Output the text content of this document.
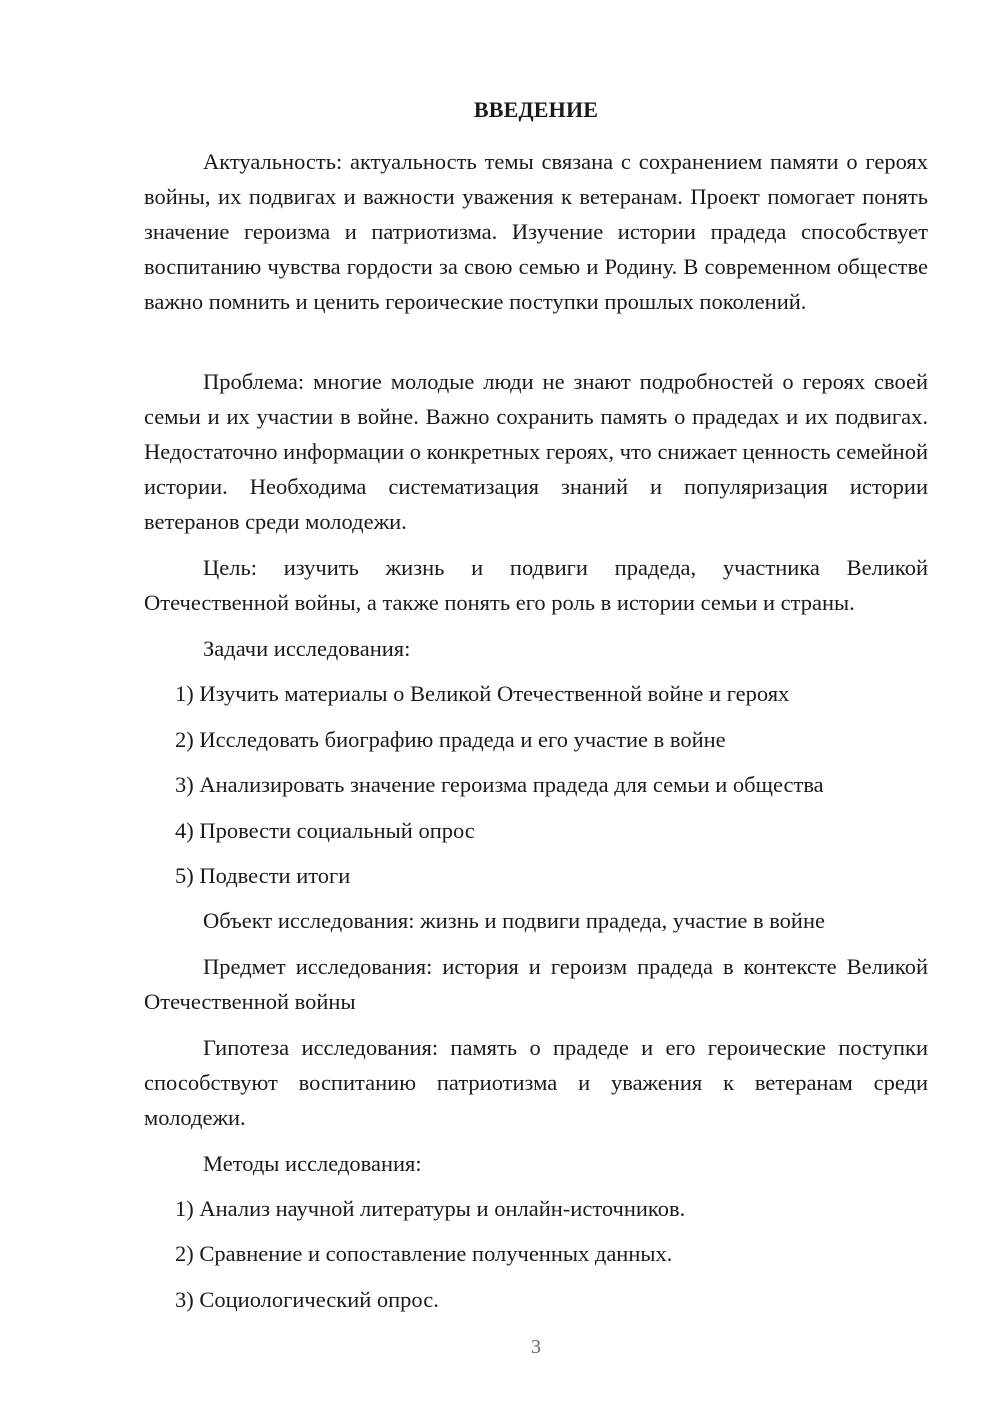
ВВЕДЕНИЕ
Актуальность: актуальность темы связана с сохранением памяти о героях войны, их подвигах и важности уважения к ветеранам. Проект помогает понять значение героизма и патриотизма. Изучение истории прадеда способствует воспитанию чувства гордости за свою семью и Родину. В современном обществе важно помнить и ценить героические поступки прошлых поколений.
Проблема: многие молодые люди не знают подробностей о героях своей семьи и их участии в войне. Важно сохранить память о прадедах и их подвигах. Недостаточно информации о конкретных героях, что снижает ценность семейной истории. Необходима систематизация знаний и популяризация истории ветеранов среди молодежи.
Цель: изучить жизнь и подвиги прадеда, участника Великой Отечественной войны, а также понять его роль в истории семьи и страны.
Задачи исследования:
1) Изучить материалы о Великой Отечественной войне и героях
2) Исследовать биографию прадеда и его участие в войне
3) Анализировать значение героизма прадеда для семьи и общества
4) Провести социальный опрос
5) Подвести итоги
Объект исследования: жизнь и подвиги прадеда, участие в войне
Предмет исследования: история и героизм прадеда в контексте Великой Отечественной войны
Гипотеза исследования: память о прадеде и его героические поступки способствуют воспитанию патриотизма и уважения к ветеранам среди молодежи.
Методы исследования:
1) Анализ научной литературы и онлайн-источников.
2) Сравнение и сопоставление полученных данных.
3) Социологический опрос.
3
